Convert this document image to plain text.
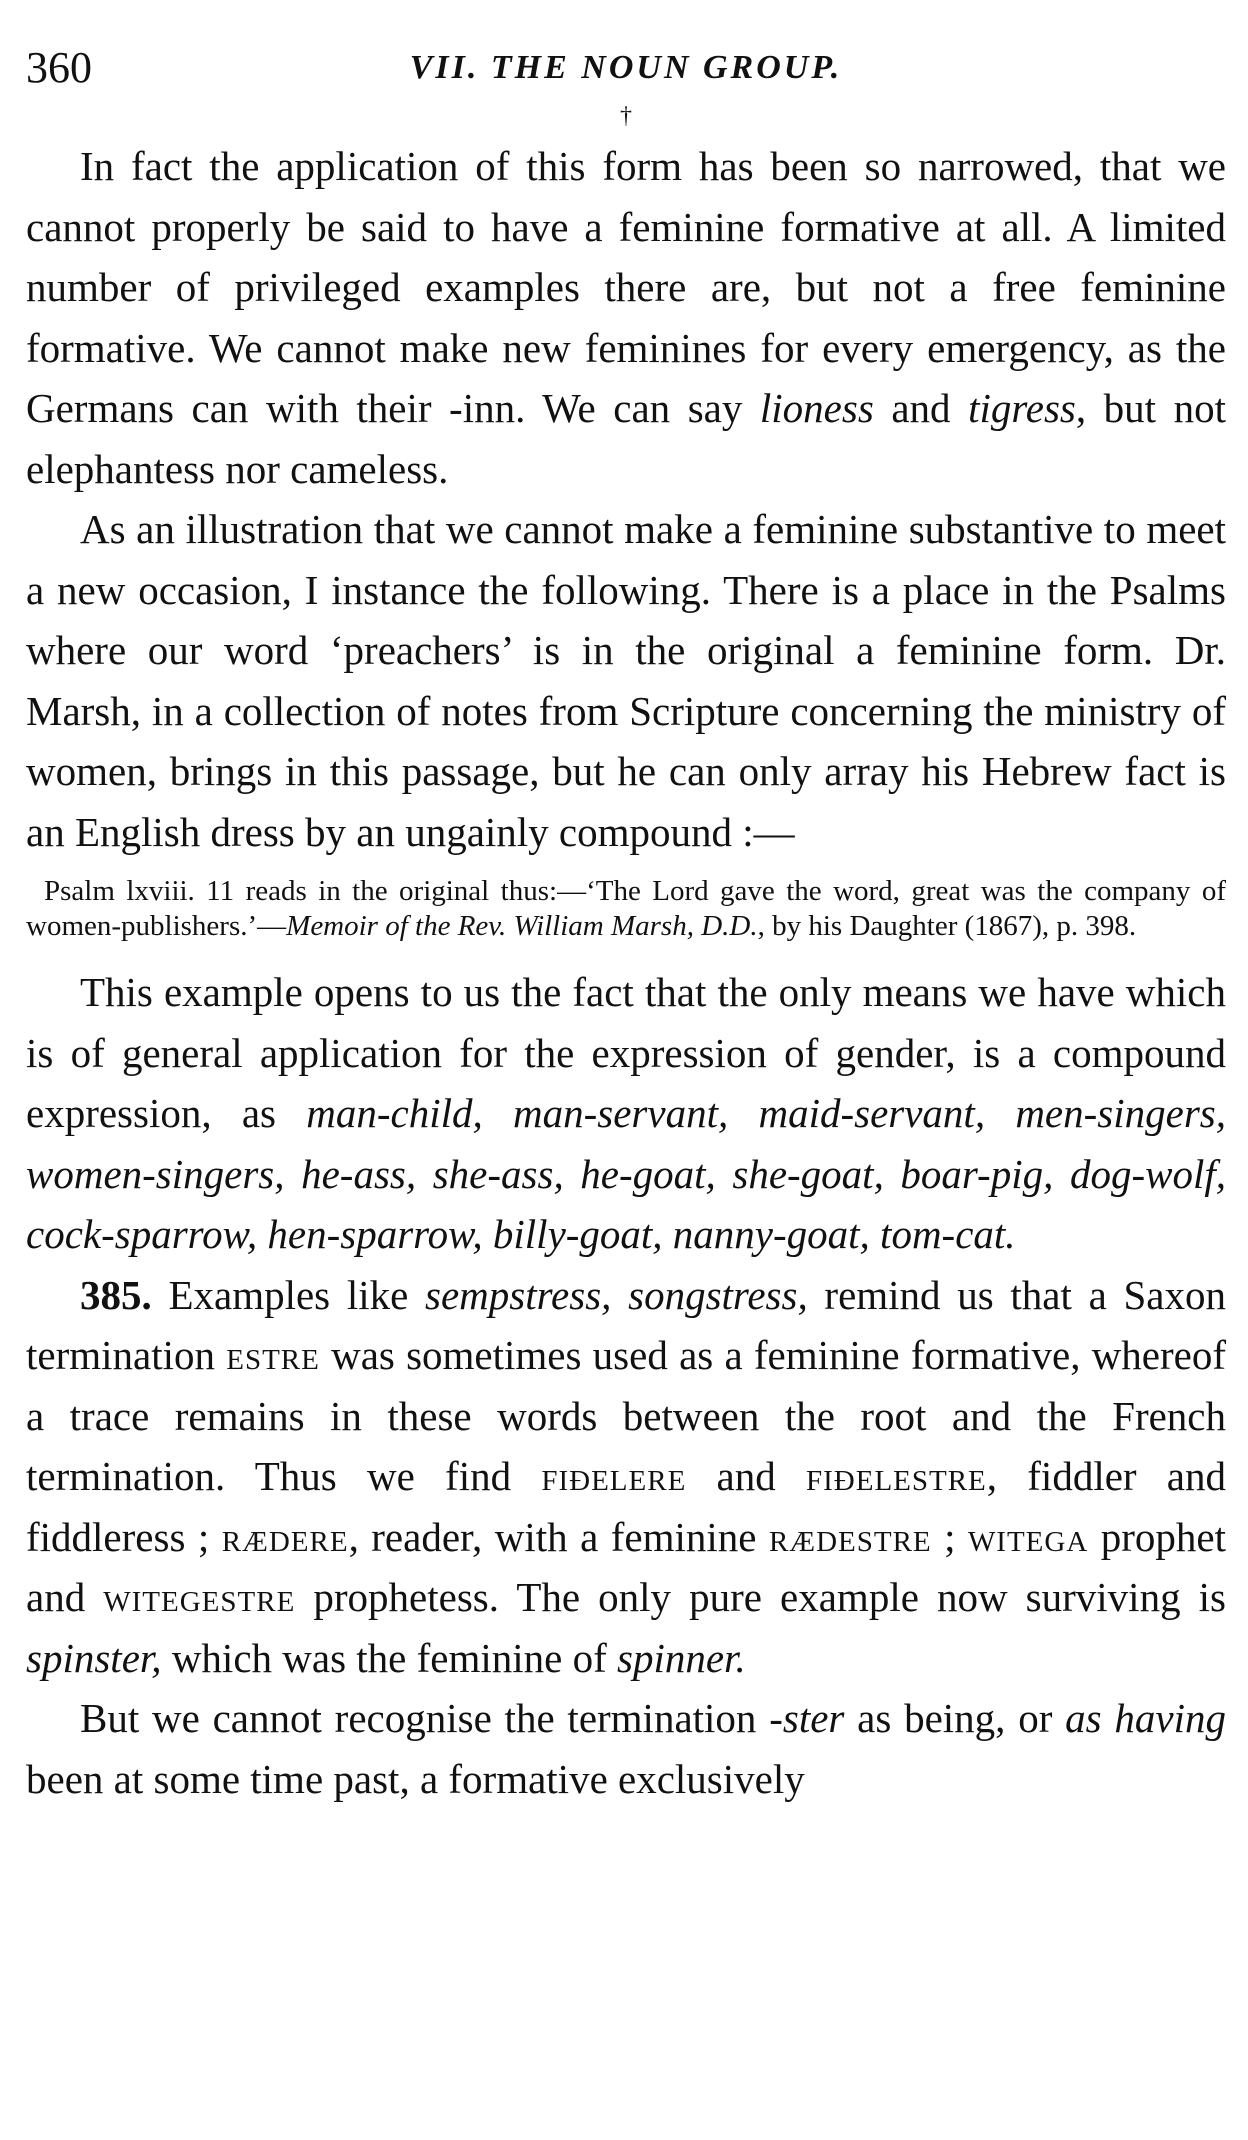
360	VII. THE NOUN GROUP.
†

In fact the application of this form has been so narrowed, that we cannot properly be said to have a feminine formative at all. A limited number of privileged examples there are, but not a free feminine formative. We cannot make new feminines for every emergency, as the Germans can with their -inn. We can say lioness and tigress, but not elephantess nor cameless.

As an illustration that we cannot make a feminine substantive to meet a new occasion, I instance the following. There is a place in the Psalms where our word ‘preachers’ is in the original a feminine form. Dr. Marsh, in a collection of notes from Scripture concerning the ministry of women, brings in this passage, but he can only array his Hebrew fact is an English dress by an ungainly compound :—

Psalm lxviii. 11 reads in the original thus:—‘The Lord gave the word, great was the company of women-publishers.’—Memoir of the Rev. William Marsh, D.D., by his Daughter (1867), p. 398.

This example opens to us the fact that the only means we have which is of general application for the expression of gender, is a compound expression, as man-child, man-servant, maid-servant, men-singers, women-singers, he-ass, she-ass, he-goat, she-goat, boar-pig, dog-wolf, cock-sparrow, hen-sparrow, billy-goat, nanny-goat, tom-cat.

385. Examples like sempstress, songstress, remind us that a Saxon termination estre was sometimes used as a feminine formative, whereof a trace remains in these words between the root and the French termination. Thus we find fiðelere and fiðelestre, fiddler and fiddleress ; rædere, reader, with a feminine rædestre ; witega prophet and witegestre prophetess. The only pure example now surviving is spinster, which was the feminine of spinner.

But we cannot recognise the termination -ster as being, or as having been at some time past, a formative exclusively
